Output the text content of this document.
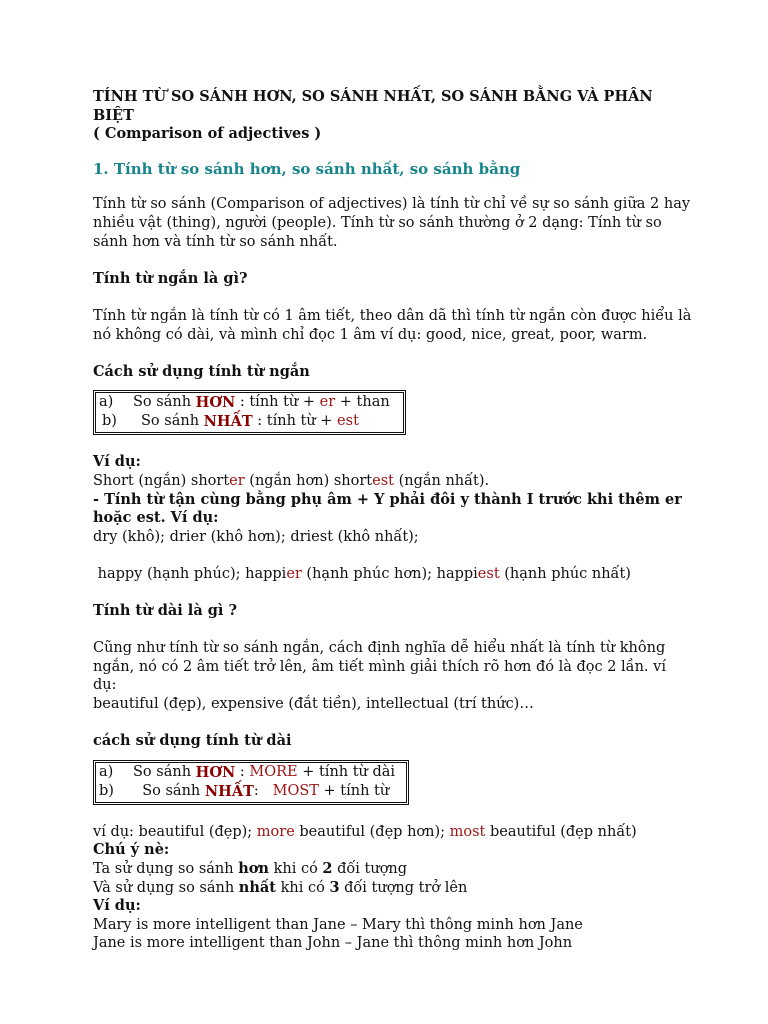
TÍNH TỪ SO SÁNH HƠN, SO SÁNH NHẤT, SO SÁNH BẰNG VÀ PHÂN BIỆT

( Comparison of adjectives )

1. Tính từ so sánh hơn, so sánh nhất, so sánh bằng

Tính từ so sánh (Comparison of adjectives) là tính từ chỉ về sự so sánh giữa 2 hay

nhiều vật (thing), người (people). Tính từ so sánh thường ở 2 dạng: Tính từ so

sánh hơn và tính từ so sánh nhất.

Tính từ ngắn là gì?

Tính từ ngắn là tính từ có 1 âm tiết, theo dân dã thì tính từ ngắn còn được hiểu là

nó không có dài, và mình chỉ đọc 1 âm ví dụ: good, nice, great, poor, warm.

Cách sử dụng tính từ ngắn

a)	So sánh HƠN : tính từ + er + than
b)	So sánh NHẤT : tính từ + est

Ví dụ:

Short (ngắn) shorter (ngắn hơn) shortest (ngắn nhất).

- Tính từ tận cùng bằng phụ âm + Y phải đôi y thành I trước khi thêm er

hoặc est. Ví dụ:

dry (khô); drier (khô hơn); driest (khô nhất);

happy (hạnh phúc); happier (hạnh phúc hơn); happiest (hạnh phúc nhất)

Tính từ dài là gì ?

Cũng như tính từ so sánh ngắn, cách định nghĩa dễ hiểu nhất là tính từ không

ngắn, nó có 2 âm tiết trở lên, âm tiết mình giải thích rõ hơn đó là đọc 2 lần. ví dụ:

beautiful (đẹp), expensive (đắt tiền), intellectual (trí thức)…

cách sử dụng tính từ dài

a)	So sánh HƠN : MORE + tính từ dài
b)	So sánh NHẤT : MOST + tính từ

ví dụ: beautiful (đẹp); more beautiful (đẹp hơn); most beautiful (đẹp nhất)

Chú ý nè:

Ta sử dụng so sánh hơn khi có 2 đối tượng

Và sử dụng so sánh nhất khi có 3 đối tượng trở lên

Ví dụ:

Mary is more intelligent than Jane – Mary thì thông minh hơn Jane

Jane is more intelligent than John – Jane thì thông minh hơn John
